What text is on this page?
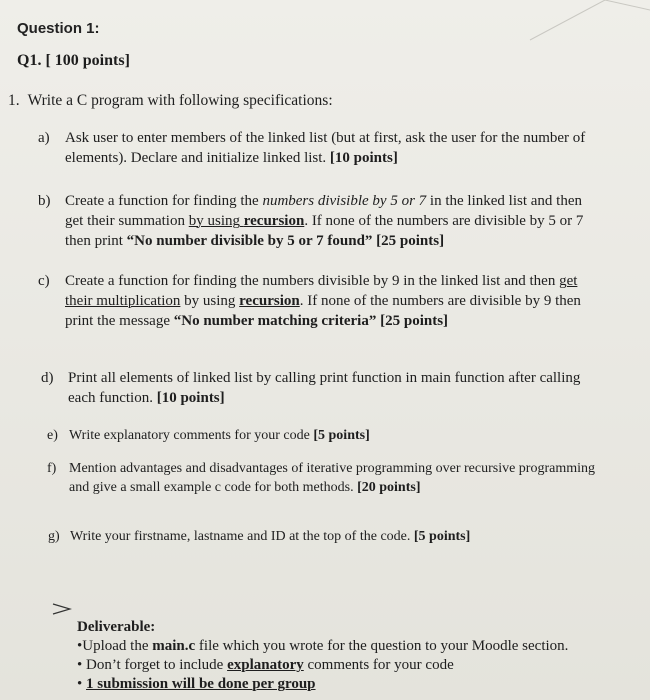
Question 1:
Q1. [ 100 points]
1. Write a C program with following specifications:
a) Ask user to enter members of the linked list (but at first, ask the user for the number of
elements). Declare and initialize linked list. [10 points]
b) Create a function for finding the numbers divisible by 5 or 7 in the linked list and then
get their summation by using recursion. If none of the numbers are divisible by 5 or 7
then print “No number divisible by 5 or 7 found” [25 points]
c) Create a function for finding the numbers divisible by 9 in the linked list and then get
their multiplication by using recursion. If none of the numbers are divisible by 9 then
print the message “No number matching criteria” [25 points]
d) Print all elements of linked list by calling print function in main function after calling
each function. [10 points]
e) Write explanatory comments for your code [5 points]
f) Mention advantages and disadvantages of iterative programming over recursive programming
and give a small example c code for both methods. [20 points]
g) Write your firstname, lastname and ID at the top of the code. [5 points]
Deliverable:
•Upload the main.c file which you wrote for the question to your Moodle section.
• Don’t forget to include explanatory comments for your code
• 1 submission will be done per group
